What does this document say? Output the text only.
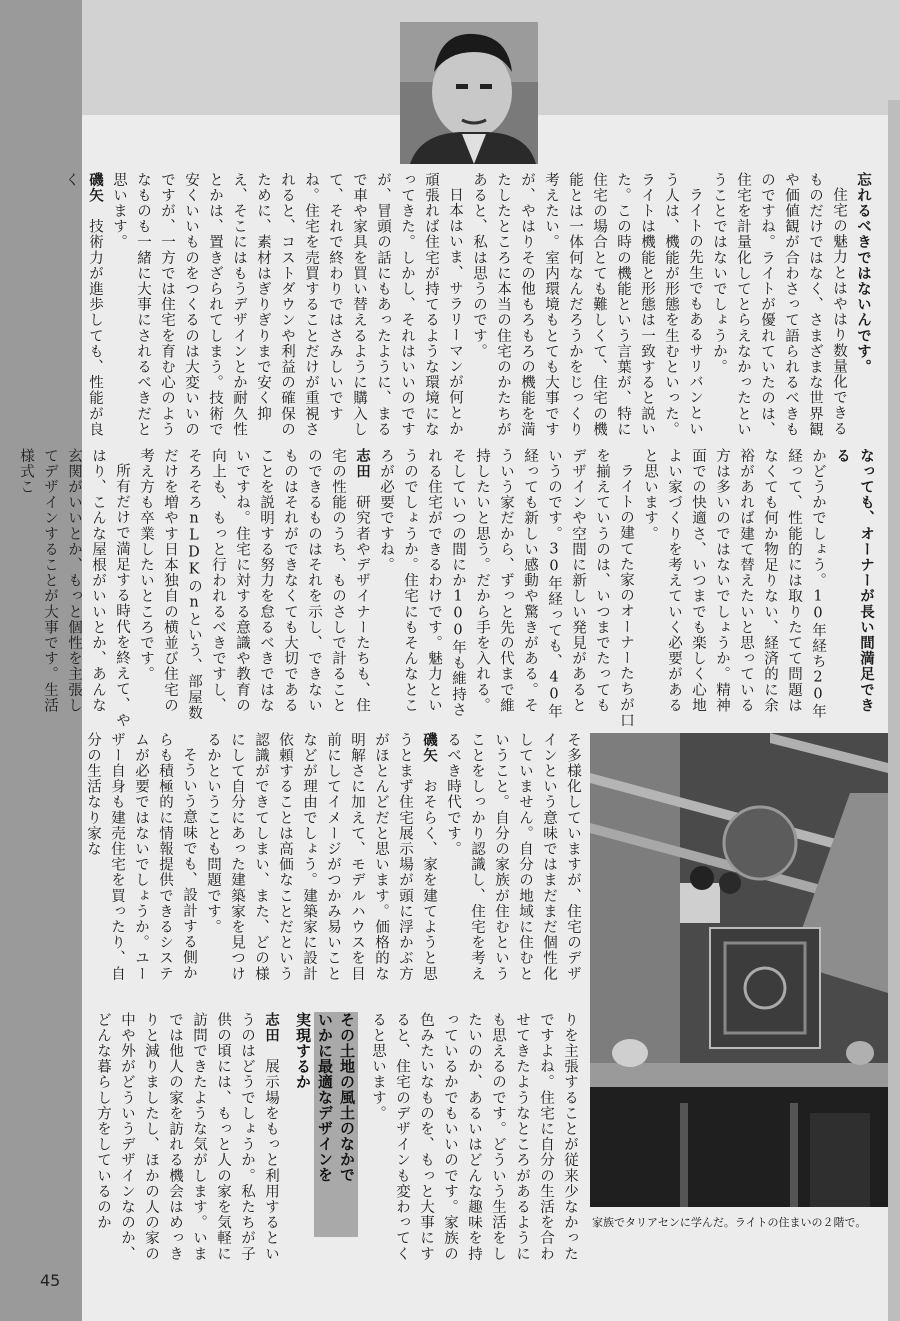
忘れるべきではないんです。

住宅の魅力とはやはり数量化できるものだけではなく、さまざまな世界観や価値観が合わさって語られるべきものですね。ライトが優れていたのは、住宅を計量化してとらえなかったということではないでしょうか。

ライトの先生でもあるサリバンという人は、機能が形態を生むといった。ライトは機能と形態は一致すると説いた。この時の機能という言葉が、特に住宅の場合とても難しくて、住宅の機能とは一体何なんだろうかをじっくり考えたい。室内環境もとても大事ですが、やはりその他もろもろの機能を満たしたところに本当の住宅のかたちがあると、私は思うのです。

日本はいま、サラリーマンが何とか頑張れば住宅が持てるような環境になってきた。しかし、それはいいのですが、冒頭の話にもあったように、まるで車や家具を買い替えるように購入して、それで終わりではさみしいですね。住宅を売買することだけが重視されると、コストダウンや利益の確保のために、素材はぎりぎりまで安く抑え、そこにはもうデザインとか耐久性とかは、置きざられてしまう。技術で安くいいものをつくるのは大変いいのですが、一方では住宅を育む心のようなものも一緒に大事にされるべきだと思います。

磯矢　技術力が進歩しても、性能が良く

そ多様化していますが、住宅のデザインという意味ではまだまだ個性化していません。自分の地域に住むということ。自分の家族が住むということをしっかり認識し、住宅を考えるべき時代です。

磯矢　おそらく、家を建てようと思うとまず住宅展示場が頭に浮かぶ方がほとんどだと思います。価格的な明解さに加えて、モデルハウスを目前にしてイメージがつかみ易いことなどが理由でしょう。建築家に設計依頼することは高価なことだという認識ができてしまい、また、どの様にして自分にあった建築家を見つけるかということも問題です。

そういう意味でも、設計する側からも積極的に情報提供できるシステムが必要ではないでしょうか。ユーザー自身も建売住宅を買ったり、自分の生活なり家な

家族でタリアセンに学んだ。ライトの住まいの２階で。

りを主張することが従来少なかったですよね。住宅に自分の生活を合わせてきたようなところがあるようにも思えるのです。どういう生活をしたいのか、あるいはどんな趣味を持っているかでもいいのです。家族の色みたいなものを、もっと大事にすると、住宅のデザインも変わってくると思います。

その土地の風土のなかで
いかに最適なデザインを
実現するか

志田　展示場をもっと利用するというのはどうでしょうか。私たちが子供の頃には、もっと人の家を気軽に訪問できたような気がします。いまでは他人の家を訪れる機会はめっきりと減りましたし、ほかの人の家の中や外がどういうデザインなのか、どんな暮らし方をしているのか

なっても、オーナーが長い間満足できる

かどうかでしょう。10年経ち20年経って、性能的には取りたてて問題はなくても何か物足りない、経済的に余裕があれば建て替えたいと思っている方は多いのではないでしょうか。精神面での快適さ、いつまでも楽しく心地よい家づくりを考えていく必要があると思います。

ライトの建てた家のオーナーたちが口を揃えていうのは、いつまでたってもデザインや空間に新しい発見があるというのです。30年経っても、40年経っても新しい感動や驚きがある。そういう家だから、ずっと先の代まで維持したいと思う。だから手を入れる。そしていつの間にか100年も維持される住宅ができるわけです。魅力というのでしょうか。住宅にもそんなところが必要ですね。

志田　研究者やデザイナーたちも、住宅の性能のうち、ものさしで計ることのできるものはそれを示し、できないものはそれができなくても大切であることを説明する努力を怠るべきではないですね。住宅に対する意識や教育の向上も、もっと行われるべきですし、そろそろnLDKのnという、部屋数だけを増やす日本独自の横並び住宅の考え方も卒業したいところです。

所有だけで満足する時代を終えて、やはり、こんな屋根がいいとか、あんな玄関がいいとか、もっと個性を主張してデザインすることが大事です。生活様式こ

45
